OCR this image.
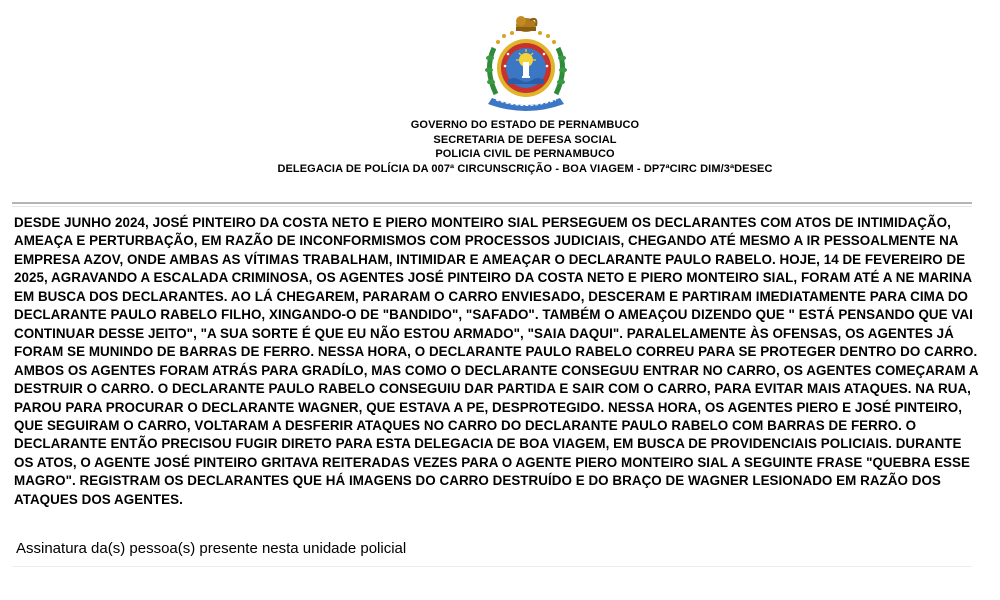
GOVERNO DO ESTADO DE PERNAMBUCO
SECRETARIA DE DEFESA SOCIAL
POLICIA CIVIL DE PERNAMBUCO
DELEGACIA DE POLÍCIA DA 007ª CIRCUNSCRIÇÃO - BOA VIAGEM - DP7ªCIRC DIM/3ªDESEC

DESDE JUNHO 2024, JOSÉ PINTEIRO DA COSTA NETO E PIERO MONTEIRO SIAL PERSEGUEM OS DECLARANTES COM ATOS DE INTIMIDAÇÃO, AMEAÇA E PERTURBAÇÃO, EM RAZÃO DE INCONFORMISMOS COM PROCESSOS JUDICIAIS, CHEGANDO ATÉ MESMO A IR PESSOALMENTE NA EMPRESA AZOV, ONDE AMBAS AS VÍTIMAS TRABALHAM, INTIMIDAR E AMEAÇAR O DECLARANTE PAULO RABELO. HOJE, 14 DE FEVEREIRO DE 2025, AGRAVANDO A ESCALADA CRIMINOSA, OS AGENTES JOSÉ PINTEIRO DA COSTA NETO E PIERO MONTEIRO SIAL, FORAM ATÉ A NE MARINA EM BUSCA DOS DECLARANTES. AO LÁ CHEGAREM, PARARAM O CARRO ENVIESADO, DESCERAM E PARTIRAM IMEDIATAMENTE PARA CIMA DO DECLARANTE PAULO RABELO FILHO, XINGANDO-O DE "BANDIDO", "SAFADO". TAMBÉM O AMEAÇOU DIZENDO QUE " ESTÁ PENSANDO QUE VAI CONTINUAR DESSE JEITO", "A SUA SORTE É QUE EU NÃO ESTOU ARMADO", "SAIA DAQUI". PARALELAMENTE ÀS OFENSAS, OS AGENTES JÁ FORAM SE MUNINDO DE BARRAS DE FERRO. NESSA HORA, O DECLARANTE PAULO RABELO CORREU PARA SE PROTEGER DENTRO DO CARRO. AMBOS OS AGENTES FORAM ATRÁS PARA GRADÍLO, MAS COMO O DECLARANTE CONSEGUU ENTRAR NO CARRO, OS AGENTES COMEÇARAM A DESTRUIR O CARRO. O DECLARANTE PAULO RABELO CONSEGUIU DAR PARTIDA E SAIR COM O CARRO, PARA EVITAR MAIS ATAQUES. NA RUA, PAROU PARA PROCURAR O DECLARANTE WAGNER, QUE ESTAVA A PE, DESPROTEGIDO. NESSA HORA, OS AGENTES PIERO E JOSÉ PINTEIRO, QUE SEGUIRAM O CARRO, VOLTARAM A DESFERIR ATAQUES NO CARRO DO DECLARANTE PAULO RABELO COM BARRAS DE FERRO. O DECLARANTE ENTÃO PRECISOU FUGIR DIRETO PARA ESTA DELEGACIA DE BOA VIAGEM, EM BUSCA DE PROVIDENCIAIS POLICIAIS. DURANTE OS ATOS, O AGENTE JOSÉ PINTEIRO GRITAVA REITERADAS VEZES PARA O AGENTE PIERO MONTEIRO SIAL A SEGUINTE FRASE "QUEBRA ESSE MAGRO". REGISTRAM OS DECLARANTES QUE HÁ IMAGENS DO CARRO DESTRUÍDO E DO BRAÇO DE WAGNER LESIONADO EM RAZÃO DOS ATAQUES DOS AGENTES.

Assinatura da(s) pessoa(s) presente nesta unidade policial
